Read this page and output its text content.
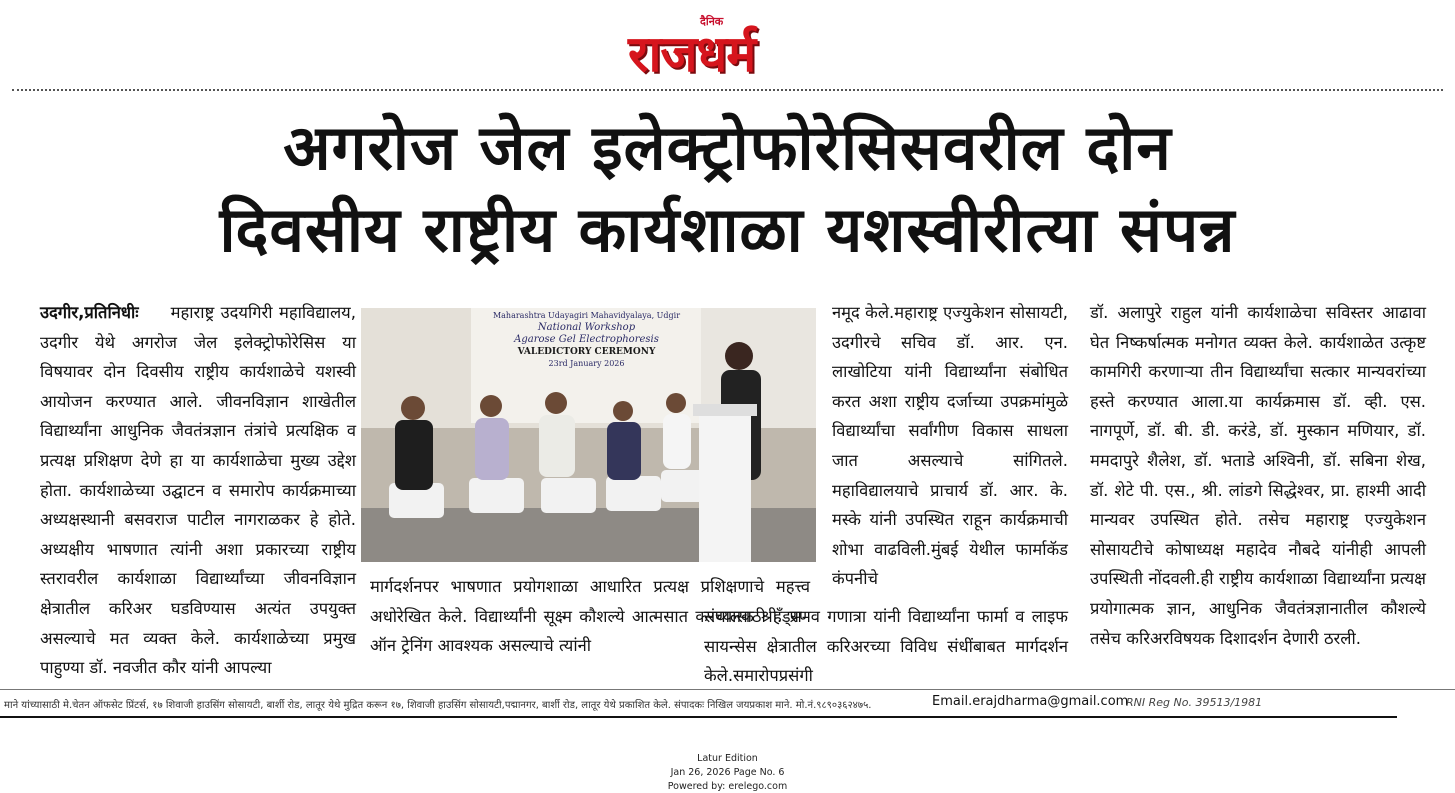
दैनिक
राजधर्म
अगरोज जेल इलेक्ट्रोफोरेसिसवरील दोन
दिवसीय राष्ट्रीय कार्यशाळा यशस्वीरीत्या संपन्न

उदगीर,प्रतिनिधीः महाराष्ट्र उदयगिरी महाविद्यालय, उदगीर येथे अगरोज जेल इलेक्ट्रोफोरेसिस या विषयावर दोन दिवसीय राष्ट्रीय कार्यशाळेचे यशस्वी आयोजन करण्यात आले. जीवनविज्ञान शाखेतील विद्यार्थ्यांना आधुनिक जैवतंत्रज्ञान तंत्रांचे प्रत्यक्षिक व प्रत्यक्ष प्रशिक्षण देणे हा या कार्यशाळेचा मुख्य उद्देश होता. कार्यशाळेच्या उद्घाटन व समारोप कार्यक्रमाच्या अध्यक्षस्थानी बसवराज पाटील नागराळकर हे होते. अध्यक्षीय भाषणात त्यांनी अशा प्रकारच्या राष्ट्रीय स्तरावरील कार्यशाळा विद्यार्थ्यांच्या जीवनविज्ञान क्षेत्रातील करिअर घडविण्यास अत्यंत उपयुक्त असल्याचे मत व्यक्त केले. कार्यशाळेच्या प्रमुख पाहुण्या डॉ. नवजीत कौर यांनी आपल्या

Maharashtra Udayagiri Mahavidyalaya, Udgir
National Workshop
Agarose Gel Electrophoresis
VALEDICTORY CEREMONY
23rd January 2026

मार्गदर्शनपर भाषणात प्रयोगशाळा आधारित प्रत्यक्ष प्रशिक्षणाचे महत्त्व अधोरेखित केले. विद्यार्थ्यांनी सूक्ष्म कौशल्ये आत्मसात करण्यासाठी हँड्स–ऑन ट्रेनिंग आवश्यक असल्याचे त्यांनी

नमूद केले.महाराष्ट्र एज्युकेशन सोसायटी, उदगीरचे सचिव डॉ. आर. एन. लाखोटिया यांनी विद्यार्थ्यांना संबोधित करत अशा राष्ट्रीय दर्जाच्या उपक्रमांमुळे विद्यार्थ्यांचा सर्वांगीण विकास साधला जात असल्याचे सांगितले. महाविद्यालयाचे प्राचार्य डॉ. आर. के. मस्के यांनी उपस्थित राहून कार्यक्रमाची शोभा वाढविली.मुंबई येथील फार्माकॅड कंपनीचे

संचालक श्री. प्रणव गणात्रा यांनी विद्यार्थ्यांना फार्मा व लाइफ सायन्सेस क्षेत्रातील करिअरच्या विविध संधींबाबत मार्गदर्शन केले.समारोपप्रसंगी

डॉ. अलापुरे राहुल यांनी कार्यशाळेचा सविस्तर आढावा घेत निष्कर्षात्मक मनोगत व्यक्त केले. कार्यशाळेत उत्कृष्ट कामगिरी करणाऱ्या तीन विद्यार्थ्यांचा सत्कार मान्यवरांच्या हस्ते करण्यात आला.या कार्यक्रमास डॉ. व्ही. एस. नागपूर्णे, डॉ. बी. डी. करंडे, डॉ. मुस्कान मणियार, डॉ. ममदापुरे शैलेश, डॉ. भताडे अश्विनी, डॉ. सबिना शेख, डॉ. शेटे पी. एस., श्री. लांडगे सिद्धेश्वर, प्रा. हाश्मी आदी मान्यवर उपस्थित होते. तसेच महाराष्ट्र एज्युकेशन सोसायटीचे कोषाध्यक्ष महादेव नौबदे यांनीही आपली उपस्थिती नोंदवली.ही राष्ट्रीय कार्यशाळा विद्यार्थ्यांना प्रत्यक्ष प्रयोगात्मक ज्ञान, आधुनिक जैवतंत्रज्ञानातील कौशल्ये तसेच करिअरविषयक दिशादर्शन देणारी ठरली.

माने यांच्यासाठी मे.चेतन ऑफसेट प्रिंटर्स, १७ शिवाजी हाउसिंग सोसायटी, बार्शी रोड, लातूर येथे मुद्रित करून १७, शिवाजी हाउसिंग सोसायटी,पद्मानगर, बार्शी रोड, लातूर येथे प्रकाशित केले. संपादकः निखिल जयप्रकाश माने. मो.नं.९८९०३६२४७५.	Email.erajdharma@gmail.com
RNI Reg No. 39513/1981
Latur Edition
Jan 26, 2026 Page No. 6
Powered by: erelego.com
